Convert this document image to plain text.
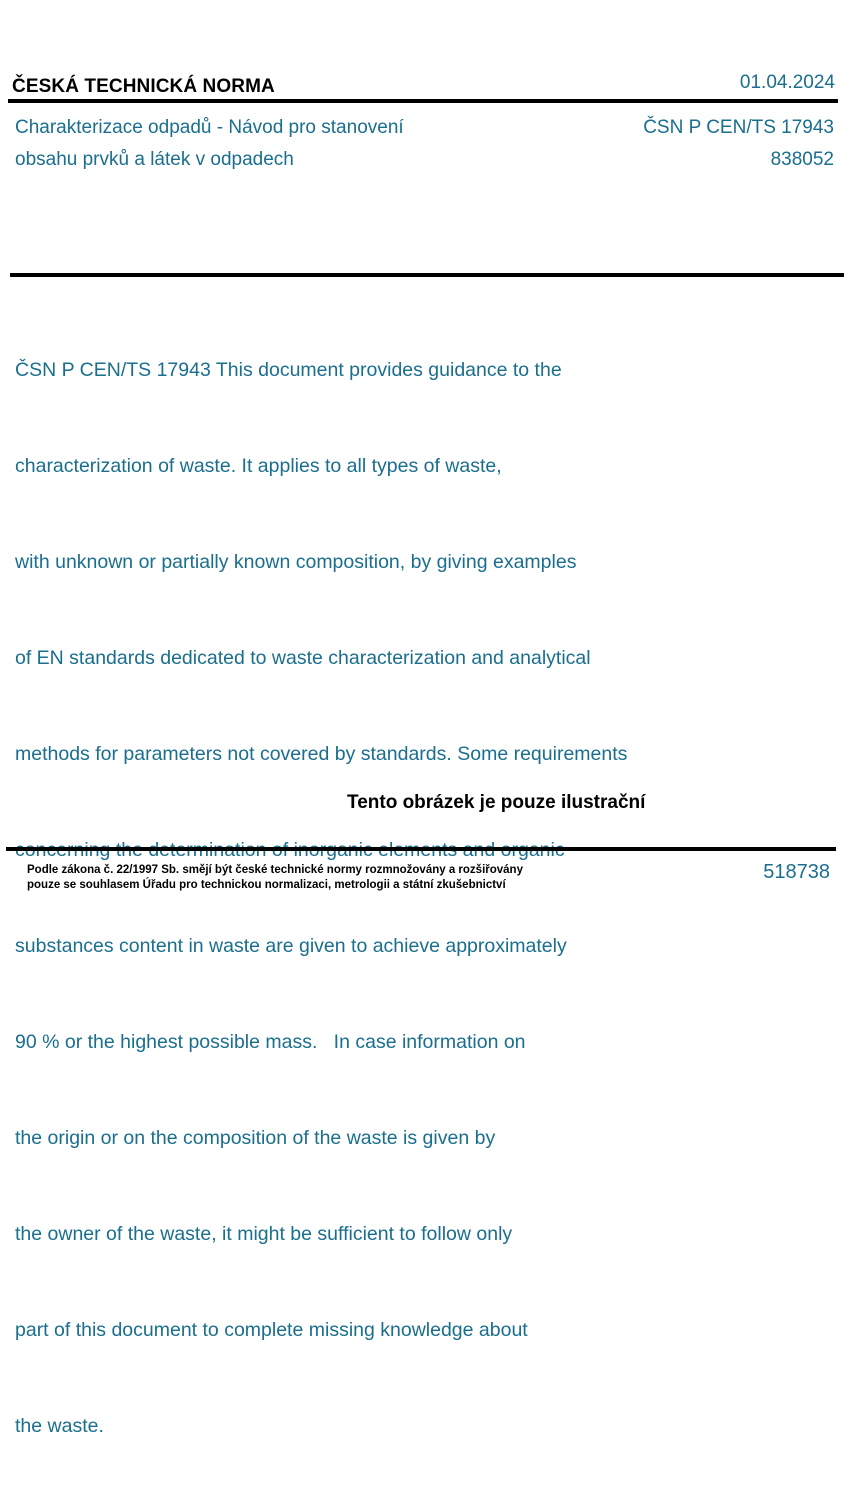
ČESKÁ TECHNICKÁ NORMA	01.04.2024
Charakterizace odpadů - Návod pro stanovení
obsahu prvků a látek v odpadech
ČSN P CEN/TS 17943
838052

ČSN P CEN/TS 17943 This document provides guidance to the

characterization of waste. It applies to all types of waste,

with unknown or partially known composition, by giving examples

of EN standards dedicated to waste characterization and analytical

methods for parameters not covered by standards. Some requirements

substances content in waste are given to achieve approximately

90 % or the highest possible mass.   In case information on

the origin or on the composition of the waste is given by

the owner of the waste, it might be sufficient to follow only

part of this document to complete missing knowledge about

the waste.

Tento obrázek je pouze ilustrační
Podle zákona č. 22/1997 Sb. smějí být české technické normy rozmnožovány a rozšiřovány
pouze se souhlasem Úřadu pro technickou normalizaci, metrologii a státní zkušebnictví
518738
